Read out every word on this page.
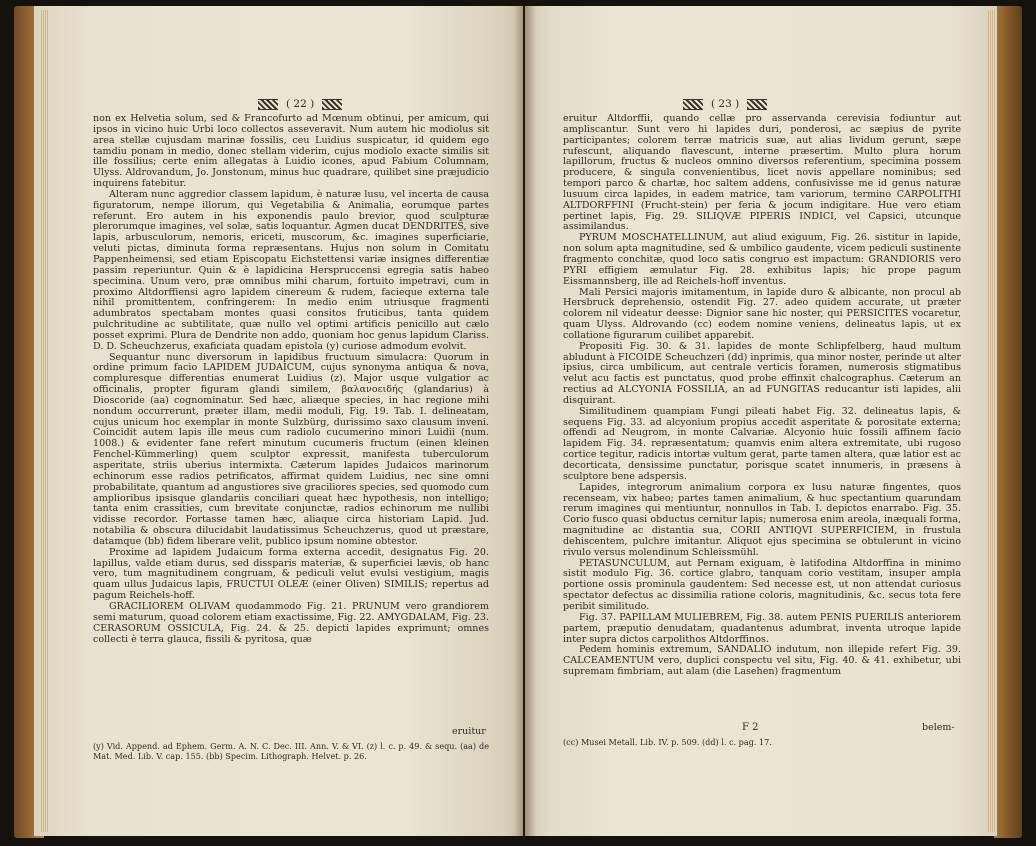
( 22 )

non ex Helvetia solum, sed & Francofurto ad Mœnum obtinui, per amicum, qui ipsos in vicino huic Urbi loco collectos asseveravit. Num autem hic modiolus sit area stellæ cujusdam marinæ fossilis, ceu Luidius suspicatur, id quidem ego tamdiu ponam in medio, donec stellam viderim, cujus modiolo exacte similis sit ille fossilius; certe enim allegatas à Luidio icones, apud Fabium Columnam, Ulyss. Aldrovandum, Jo. Jonstonum, minus huc quadrare, quilibet sine præjudicio inquirens fatebitur.

Alteram nunc aggredior classem lapidum, è naturæ lusu, vel incerta de causa figuratorum, nempe illorum, qui Vegetabilia & Animalia, eorumque partes referunt. Ero autem in his exponendis paulo brevior, quod sculpturæ plerorumque imagines, vel solæ, satis loquantur. Agmen ducat DENDRITES, sive lapis, arbusculorum, nemoris, ericeti, muscorum, &c. imagines superficiarie, veluti pictas, diminuta forma repræsentans. Hujus non solum in Comitatu Pappenheimensi, sed etiam Episcopatu Eichstettensi variæ insignes differentiæ passim reperiuntur. Quin & è lapidicina Herspruccensi egregia satis habeo specimina. Unum vero, præ omnibus mihi charum, fortuito impetravi, cum in proximo Altdorffiensi agro lapidem cinereum & rudem, facieque externa tale nihil promittentem, confringerem: In medio enim utriusque fragmenti adumbratos spectabam montes quasi consitos fruticibus, tanta quidem pulchritudine ac subtilitate, quæ nullo vel optimi artificis penicillo aut cælo posset exprimi. Plura de Dendrite non addo, quoniam hoc genus lapidum Clariss. D. D. Scheuchzerus, exaficiata quadam epistola (y) curiose admodum evolvit.

Sequantur nunc diversorum in lapidibus fructuum simulacra: Quorum in ordine primum facio LAPIDEM JUDAICUM, cujus synonyma antiqua & nova, compluresque differentias enumerat Luidius (z). Major usque vulgatior ac officinalis, propter figuram glandi similem, βαλανοειδής (glandarius) à Dioscoride (aa) cognominatur. Sed hæc, aliæque species, in hac regione mihi nondum occurrerunt, præter illam, medii moduli, Fig. 19. Tab. I. delineatam, cujus unicum hoc exemplar in monte Sulzbürg, durissimo saxo clausum inveni. Coincidit autem lapis ille meus cum radiolo cucumerino minori Luidii (num. 1008.) & evidenter fane refert minutum cucumeris fructum (einen kleinen Fenchel-Kümmerling) quem sculptor expressit, manifesta tuberculorum asperitate, striis uberius intermixta. Cæterum lapides Judaicos marinorum echinorum esse radios petrificatos, affirmat quidem Luidius, nec sine omni probabilitate, quantum ad angustiores sive graciliores species, sed quomodo cum amplioribus ipsisque glandariis conciliari queat hæc hypothesis, non intelligo; tanta enim crassities, cum brevitate conjunctæ, radios echinorum me nullibi vidisse recordor. Fortasse tamen hæc, aliaque circa historiam Lapid. Jud. notabilia & obscura dilucidabit laudatissimus Scheuchzerus, quod ut præstare, datamque (bb) fidem liberare velit, publico ipsum nomine obtestor.

Proxime ad lapidem Judaicum forma externa accedit, designatus Fig. 20. lapillus, valde etiam durus, sed dissparis materiæ, & superficiei lævis, ob hanc vero, tum magnitudinem congruam, & pediculi velut evulsi vestigium, magis quam ullus Judaicus lapis, FRUCTUI OLEÆ (einer Oliven) SIMILIS; repertus ad pagum Reichels-hoff.

GRACILIOREM OLIVAM quodammodo Fig. 21. PRUNUM vero grandiorem semi maturum, quoad colorem etiam exactissime, Fig. 22. AMYGDALAM, Fig. 23. CERASORUM OSSICULA, Fig. 24. & 25. depicti lapides exprimunt; omnes collecti è terra glauca, fissili & pyritosa, quæ

eruitur

(y) Vid. Append. ad Ephem. Germ. A. N. C. Dec. III. Ann. V. & VI. (z) l. c. p. 49. & sequ. (aa) de Mat. Med. Lib. V. cap. 155. (bb) Specim. Lithograph. Helvet. p. 26.

( 23 )

eruitur Altdorffii, quando cellæ pro asservanda cerevisia fodiuntur aut ampliscantur. Sunt vero hi lapides duri, ponderosi, ac sæpius de pyrite participantes; colorem terræ matricis suæ, aut alias lividum gerunt, sæpe rufescunt, aliquando flavescunt, interne præsertim. Multo plura horum lapillorum, fructus & nucleos omnino diversos referentium, specimina possem producere, & singula convenientibus, licet novis appellare nominibus; sed tempori parco & chartæ, hoc saltem addens, confusivisse me id genus naturæ lusuum circa lapides, in eadem matrice, tam variorum, termino CARPOLITHI ALTDORFFINI (Frucht-stein) per feria & jocum indigitare. Hue vero etiam pertinet lapis, Fig. 29. SILIQVÆ PIPERIS INDICI, vel Capsici, utcunque assimilandus.

PYRUM MOSCHATELLINUM, aut aliud exiguum, Fig. 26. sistitur in lapide, non solum apta magnitudine, sed & umbilico gaudente, vicem pediculi sustinente fragmento conchitæ, quod loco satis congruo est impactum: GRANDIORIS vero PYRI effigiem æmulatur Fig. 28. exhibitus lapis; hic prope pagum Eissmannsberg, ille ad Reichels-hoff inventus.

Mali Persici majoris imitamentum, in lapide duro & albicante, non procul ab Hersbruck deprehensio, ostendit Fig. 27. adeo quidem accurate, ut præter colorem nil videatur deesse: Dignior sane hic noster, qui PERSICITES vocaretur, quam Ulyss. Aldrovando (cc) eodem nomine veniens, delineatus lapis, ut ex collatione figurarum cuilibet apparebit.

Propositi Fig. 30. & 31. lapides de monte Schlipfelberg, haud multum abludunt à FICOIDE Scheuchzeri (dd) inprimis, qua minor noster, perinde ut alter ipsius, circa umbilicum, aut centrale verticis foramen, numerosis stigmatibus velut acu factis est punctatus, quod probe effinxit chalcographus. Cæterum an rectius ad ALCYONIA FOSSILIA, an ad FUNGITAS reducantur isti lapides, alii disquirant.

Similitudinem quampiam Fungi pileati habet Fig. 32. delineatus lapis, & sequens Fig. 33. ad alcyonium propius accedit asperitate & porositate externa; offendi ad Neugrom, in monte Calvariæ. Alcyonio huic fossili affinem facio lapidem Fig. 34. repræsentatum; quamvis enim altera extremitate, ubi rugoso cortice tegitur, radicis intortæ vultum gerat, parte tamen altera, quæ latior est ac decorticata, densissime punctatur, porisque scatet innumeris, in præsens à sculptore bene adspersis.

Lapides, integrorum animalium corpora ex lusu naturæ fingentes, quos recenseam, vix habeo; partes tamen animalium, & huc spectantium quarundam rerum imagines qui mentiuntur, nonnullos in Tab. I. depictos enarrabo. Fig. 35. Corio fusco quasi obductus cernitur lapis; numerosa enim areola, inæquali forma, magnitudine ac distantia sua, CORII ANTIQVI SUPERFICIEM, in frustula dehiscentem, pulchre imitantur. Aliquot ejus specimina se obtulerunt in vicino rivulo versus molendinum Schleissmühl.

PETASUNCULUM, aut Pernam exiguam, è latifodina Altdorffina in minimo sistit modulo Fig. 36. cortice glabro, tanquam corio vestitam, insuper ampla portione ossis prominula gaudentem: Sed necesse est, ut non attendat curiosus spectator defectus ac dissimilia ratione coloris, magnitudinis, &c. secus tota fere peribit similitudo.

Fig. 37. PAPILLAM MULIEBREM, Fig. 38. autem PENIS PUERILIS anteriorem partem, præputio denudatam, quadantenus adumbrat, inventa utroque lapide inter supra dictos carpolithos Altdorffinos.

Pedem hominis extremum, SANDALIO indutum, non illepide refert Fig. 39. CALCEAMENTUM vero, duplici conspectu vel situ, Fig. 40. & 41. exhibetur, ubi supremam fimbriam, aut alam (die Lasehen) fragmentum

F 2	belem-

(cc) Musei Metall. Lib. IV. p. 509. (dd) l. c. pag. 17.
